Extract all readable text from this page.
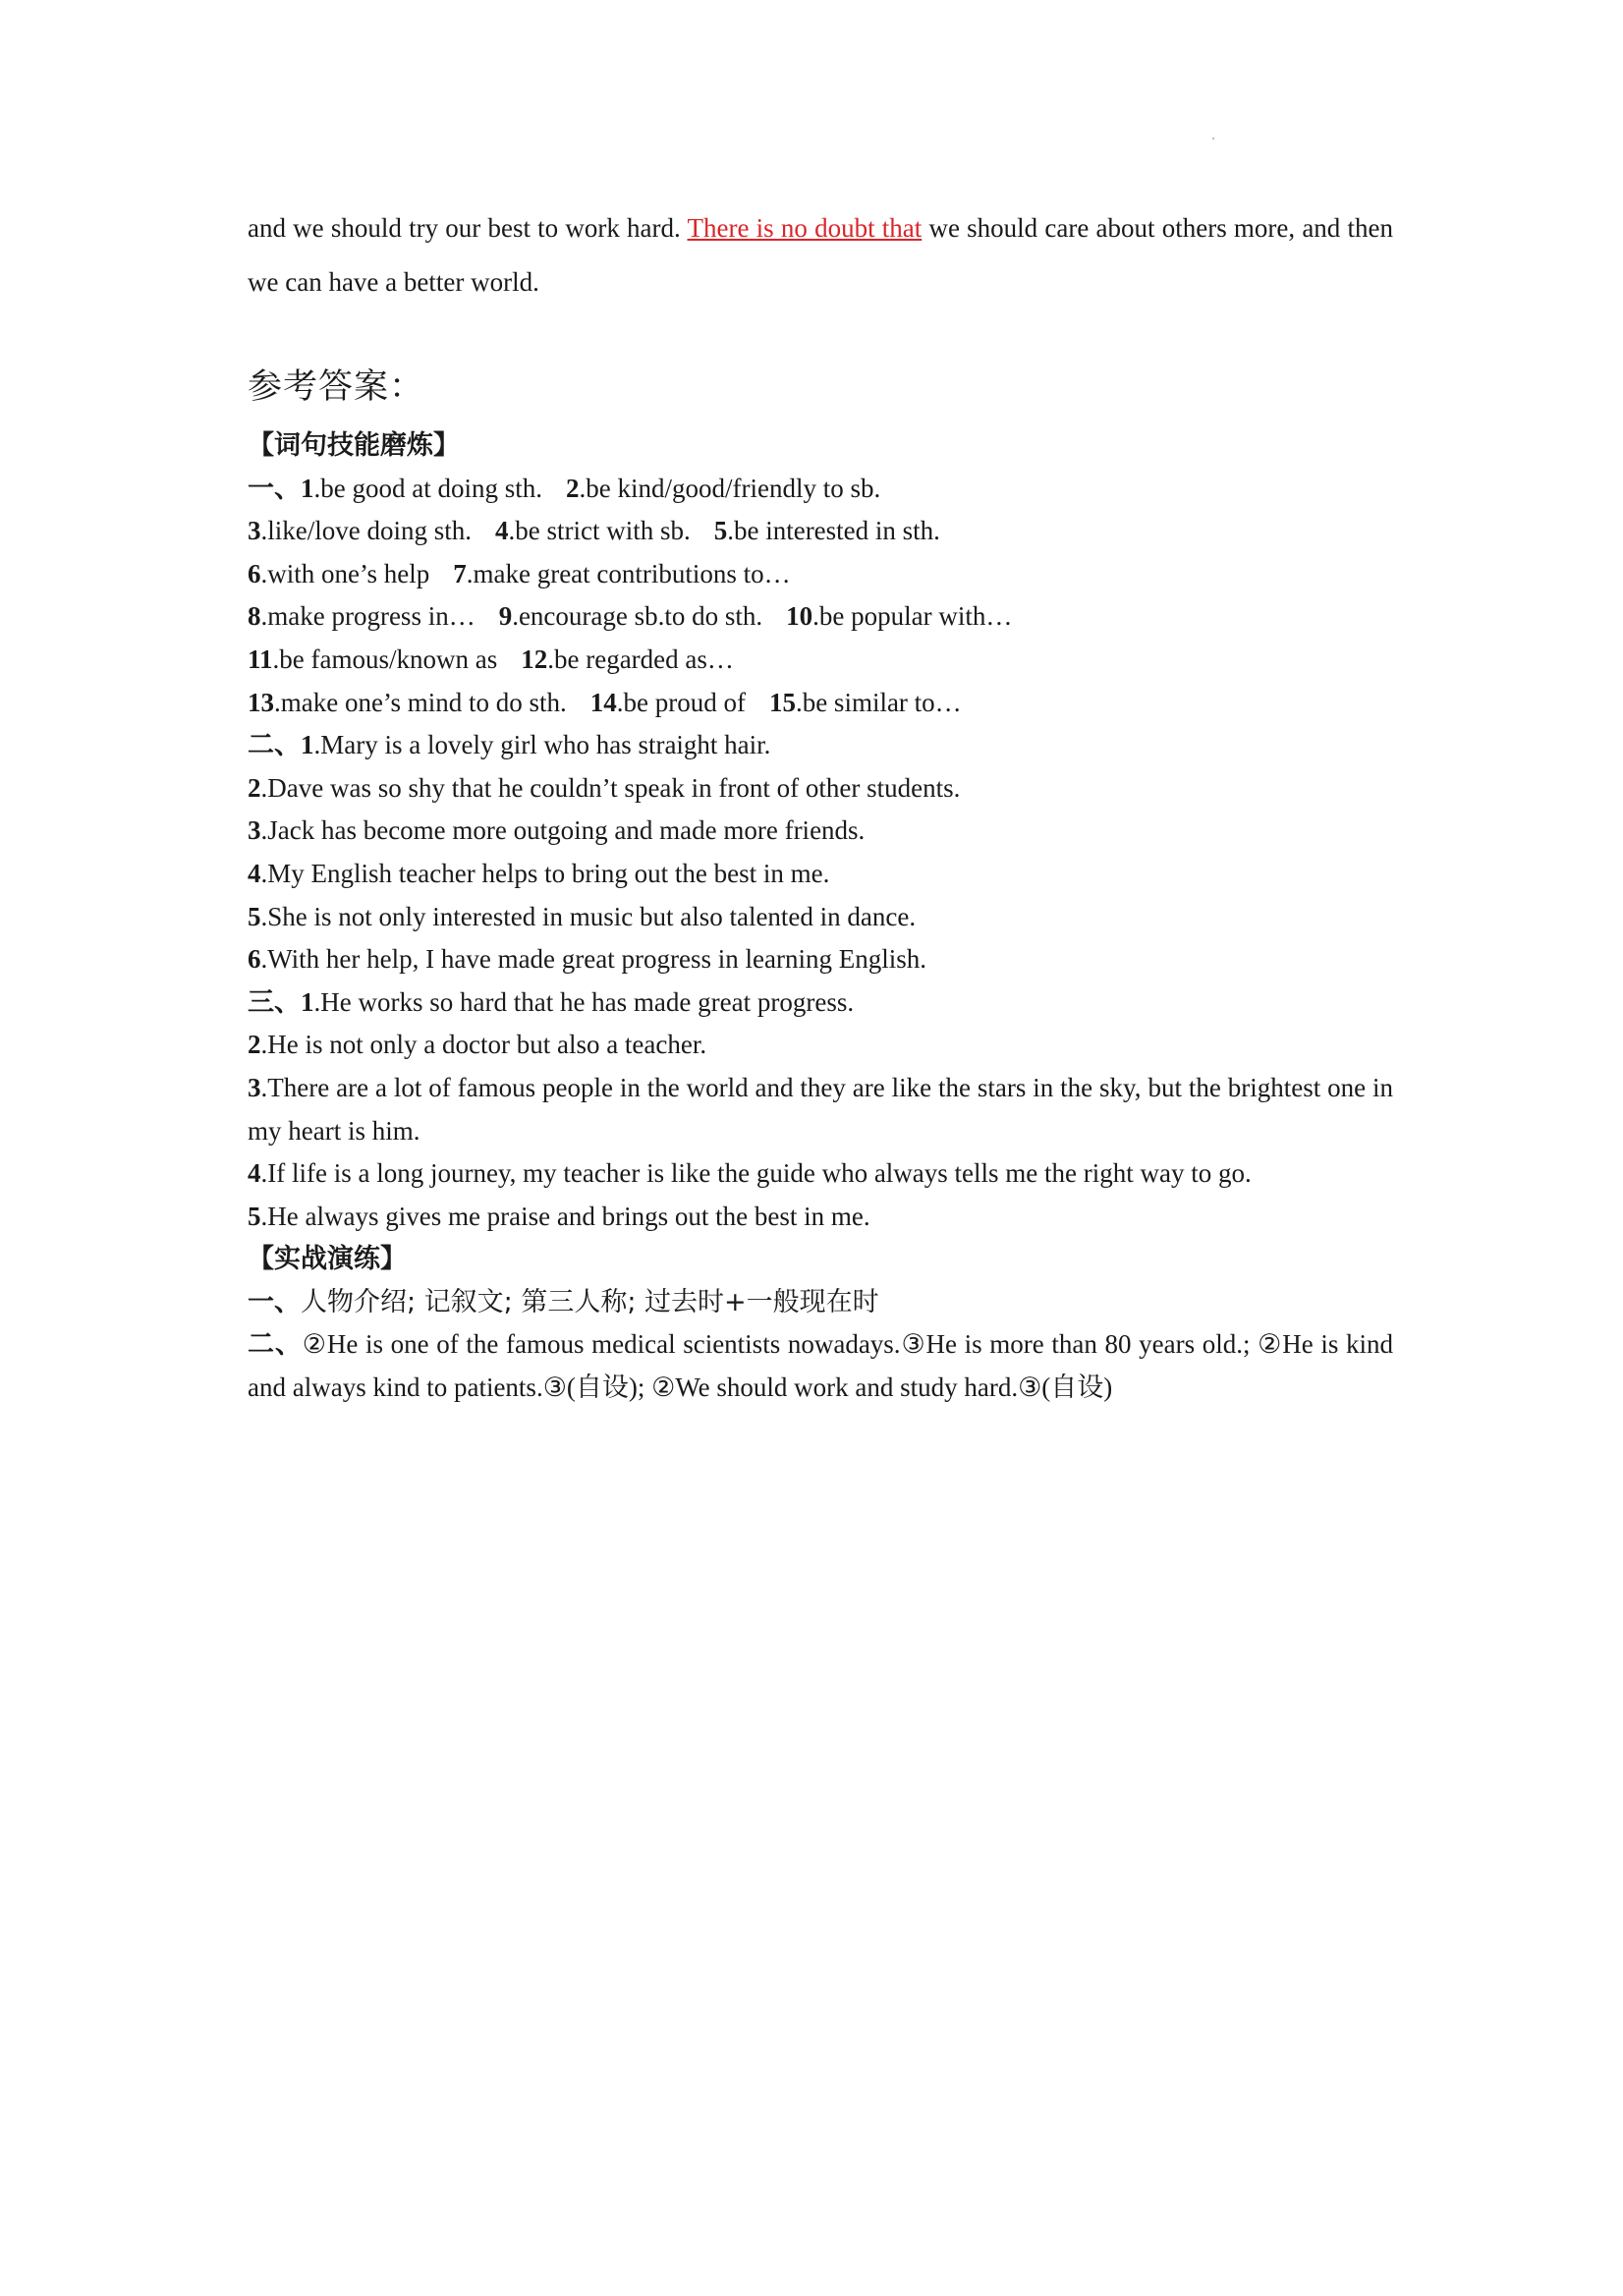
and we should try our best to work hard. There is no doubt that we should care about others more, and then we can have a better world.

参考答案：

【词句技能磨炼】

一、1.be good at doing sth. 2.be kind/good/friendly to sb.

3.like/love doing sth. 4.be strict with sb. 5.be interested in sth.

6.with one’s help 7.make great contributions to…

8.make progress in… 9.encourage sb.to do sth. 10.be popular with…

11.be famous/known as 12.be regarded as…

13.make one’s mind to do sth. 14.be proud of 15.be similar to…

二、1.Mary is a lovely girl who has straight hair.

2.Dave was so shy that he couldn’t speak in front of other students.

3.Jack has become more outgoing and made more friends.

4.My English teacher helps to bring out the best in me.

5.She is not only interested in music but also talented in dance.

6.With her help, I have made great progress in learning English.

三、1.He works so hard that he has made great progress.

2.He is not only a doctor but also a teacher.

3.There are a lot of famous people in the world and they are like the stars in the sky, but the brightest one in my heart is him.

4.If life is a long journey, my teacher is like the guide who always tells me the right way to go.

5.He always gives me praise and brings out the best in me.

【实战演练】

一、人物介绍; 记叙文; 第三人称; 过去时+一般现在时

二、②He is one of the famous medical scientists nowadays.③He is more than 80 years old.; ②He is kind and always kind to patients.③(自设); ②We should work and study hard.③(自设)
